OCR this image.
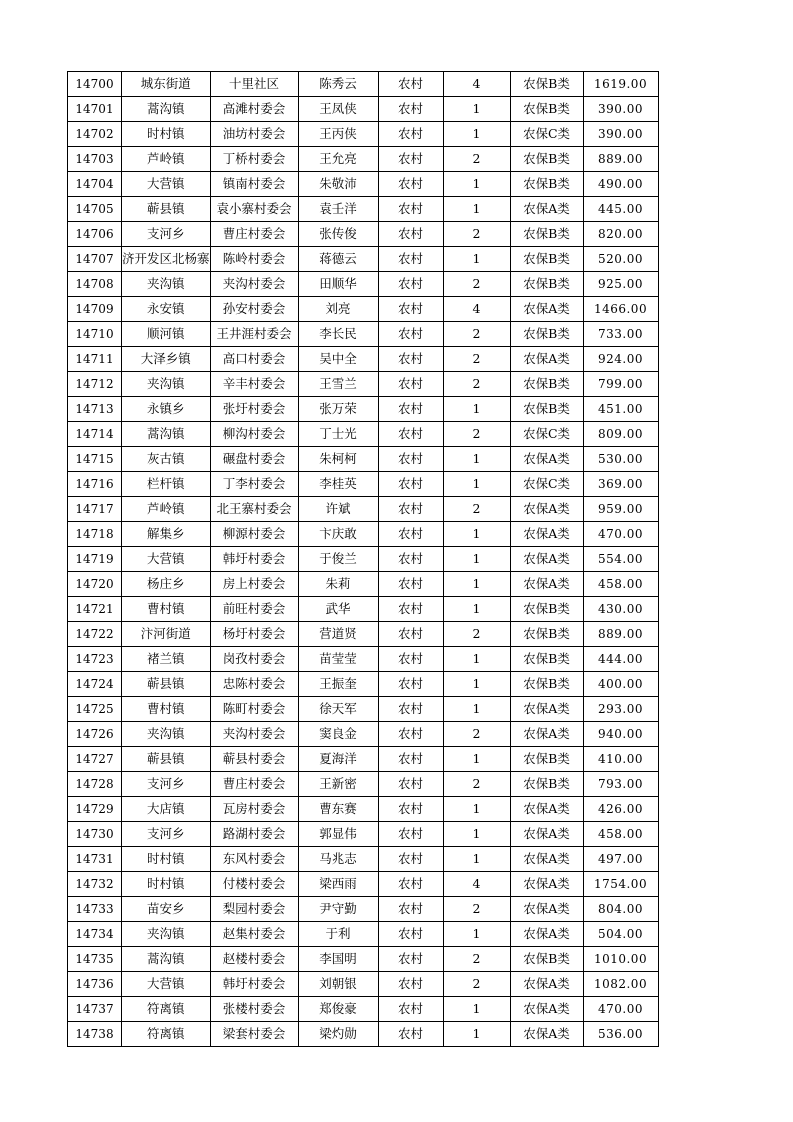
14700	城东街道	十里社区	陈秀云	农村	4	农保B类	1619.00
14701	蒿沟镇	高滩村委会	王凤侠	农村	1	农保B类	390.00
14702	时村镇	油坊村委会	王丙侠	农村	1	农保C类	390.00
14703	芦岭镇	丁桥村委会	王允亮	农村	2	农保B类	889.00
14704	大营镇	镇南村委会	朱敬沛	农村	1	农保B类	490.00
14705	蕲县镇	袁小寨村委会	袁壬洋	农村	1	农保A类	445.00
14706	支河乡	曹庄村委会	张传俊	农村	2	农保B类	820.00
14707	济开发区北杨寨	陈岭村委会	蒋德云	农村	1	农保B类	520.00
14708	夹沟镇	夹沟村委会	田顺华	农村	2	农保B类	925.00
14709	永安镇	孙安村委会	刘亮	农村	4	农保A类	1466.00
14710	顺河镇	王井涯村委会	李长民	农村	2	农保B类	733.00
14711	大泽乡镇	高口村委会	吴中全	农村	2	农保A类	924.00
14712	夹沟镇	辛丰村委会	王雪兰	农村	2	农保B类	799.00
14713	永镇乡	张圩村委会	张万荣	农村	1	农保B类	451.00
14714	蒿沟镇	柳沟村委会	丁士光	农村	2	农保C类	809.00
14715	灰古镇	碾盘村委会	朱柯柯	农村	1	农保A类	530.00
14716	栏杆镇	丁李村委会	李桂英	农村	1	农保C类	369.00
14717	芦岭镇	北王寨村委会	许斌	农村	2	农保A类	959.00
14718	解集乡	柳源村委会	卞庆敢	农村	1	农保A类	470.00
14719	大营镇	韩圩村委会	于俊兰	农村	1	农保A类	554.00
14720	杨庄乡	房上村委会	朱莉	农村	1	农保A类	458.00
14721	曹村镇	前旺村委会	武华	农村	1	农保B类	430.00
14722	汴河街道	杨圩村委会	营道贤	农村	2	农保B类	889.00
14723	褚兰镇	岗孜村委会	苗莹莹	农村	1	农保B类	444.00
14724	蕲县镇	忠陈村委会	王振奎	农村	1	农保B类	400.00
14725	曹村镇	陈町村委会	徐天军	农村	1	农保A类	293.00
14726	夹沟镇	夹沟村委会	窦良金	农村	2	农保A类	940.00
14727	蕲县镇	蕲县村委会	夏海洋	农村	1	农保B类	410.00
14728	支河乡	曹庄村委会	王新密	农村	2	农保B类	793.00
14729	大店镇	瓦房村委会	曹东赛	农村	1	农保A类	426.00
14730	支河乡	路湖村委会	郭显伟	农村	1	农保A类	458.00
14731	时村镇	东风村委会	马兆志	农村	1	农保A类	497.00
14732	时村镇	付楼村委会	梁西雨	农村	4	农保A类	1754.00
14733	苗安乡	梨园村委会	尹守勤	农村	2	农保A类	804.00
14734	夹沟镇	赵集村委会	于利	农村	1	农保A类	504.00
14735	蒿沟镇	赵楼村委会	李国明	农村	2	农保B类	1010.00
14736	大营镇	韩圩村委会	刘朝银	农村	2	农保A类	1082.00
14737	符离镇	张楼村委会	郑俊豪	农村	1	农保A类	470.00
14738	符离镇	梁套村委会	梁灼勋	农村	1	农保A类	536.00
